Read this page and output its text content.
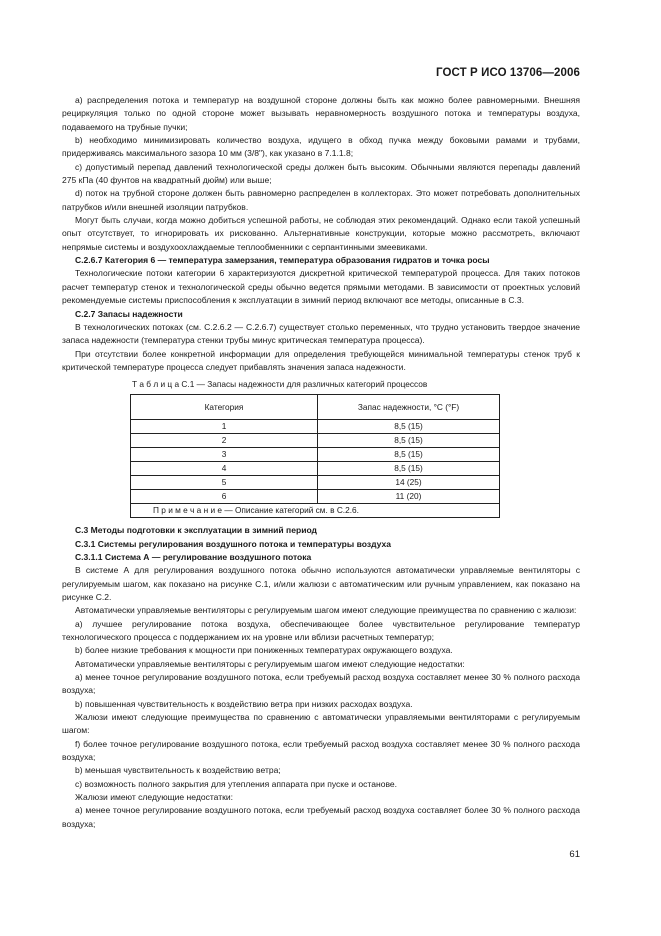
ГОСТ Р ИСО 13706—2006

а) распределения потока и температур на воздушной стороне должны быть как можно более равномерными. Внешняя рециркуляция только по одной стороне может вызывать неравномерность воздушного потока и температуры воздуха, подаваемого на трубные пучки;

b) необходимо минимизировать количество воздуха, идущего в обход пучка между боковыми рамами и трубами, придерживаясь максимального зазора 10 мм (3/8"), как указано в 7.1.1.8;

с) допустимый перепад давлений технологической среды должен быть высоким. Обычными являются перепады давлений 275 кПа (40 фунтов на квадратный дюйм) или выше;

d) поток на трубной стороне должен быть равномерно распределен в коллекторах. Это может потребовать дополнительных патрубков и/или внешней изоляции патрубков.

Могут быть случаи, когда можно добиться успешной работы, не соблюдая этих рекомендаций. Однако если такой успешный опыт отсутствует, то игнорировать их рискованно. Альтернативные конструкции, которые можно рассмотреть, включают непрямые системы и воздухоохлаждаемые теплообменники с серпантинными змеевиками.

С.2.6.7 Категория 6 — температура замерзания, температура образования гидратов и точка росы

Технологические потоки категории 6 характеризуются дискретной критической температурой процесса. Для таких потоков расчет температур стенок и технологической среды обычно ведется прямыми методами. В зависимости от проектных условий рекомендуемые системы приспособления к эксплуатации в зимний период включают все методы, описанные в С.3.

С.2.7 Запасы надежности

В технологических потоках (см. С.2.6.2 — С.2.6.7) существует столько переменных, что трудно установить твердое значение запаса надежности (температура стенки трубы минус критическая температура процесса).

При отсутствии более конкретной информации для определения требующейся минимальной температуры стенок труб к критической температуре процесса следует прибавлять значения запаса надежности.

Т а б л и ц а С.1 — Запасы надежности для различных категорий процессов
Категория	Запас надежности, °С (°F)
1	8,5 (15)
2	8,5 (15)
3	8,5 (15)
4	8,5 (15)
5	14 (25)
6	11 (20)
П р и м е ч а н и е — Описание категорий см. в С.2.6.	

С.3 Методы подготовки к эксплуатации в зимний период

С.3.1 Системы регулирования воздушного потока и температуры воздуха

С.3.1.1 Система А — регулирование воздушного потока

В системе А для регулирования воздушного потока обычно используются автоматически управляемые вентиляторы с регулируемым шагом, как показано на рисунке С.1, и/или жалюзи с автоматическим или ручным управлением, как показано на рисунке С.2.

Автоматически управляемые вентиляторы с регулируемым шагом имеют следующие преимущества по сравнению с жалюзи:

а) лучшее регулирование потока воздуха, обеспечивающее более чувствительное регулирование температур технологического процесса с поддержанием их на уровне или вблизи расчетных температур;

b) более низкие требования к мощности при пониженных температурах окружающего воздуха.

Автоматически управляемые вентиляторы с регулируемым шагом имеют следующие недостатки:

а) менее точное регулирование воздушного потока, если требуемый расход воздуха составляет менее 30 % полного расхода воздуха;

b) повышенная чувствительность к воздействию ветра при низких расходах воздуха.

Жалюзи имеют следующие преимущества по сравнению с автоматически управляемыми вентиляторами с регулируемым шагом:

f) более точное регулирование воздушного потока, если требуемый расход воздуха составляет менее 30 % полного расхода воздуха;

b) меньшая чувствительность к воздействию ветра;

с) возможность полного закрытия для утепления аппарата при пуске и останове.

Жалюзи имеют следующие недостатки:

а) менее точное регулирование воздушного потока, если требуемый расход воздуха составляет более 30 % полного расхода воздуха;

61
